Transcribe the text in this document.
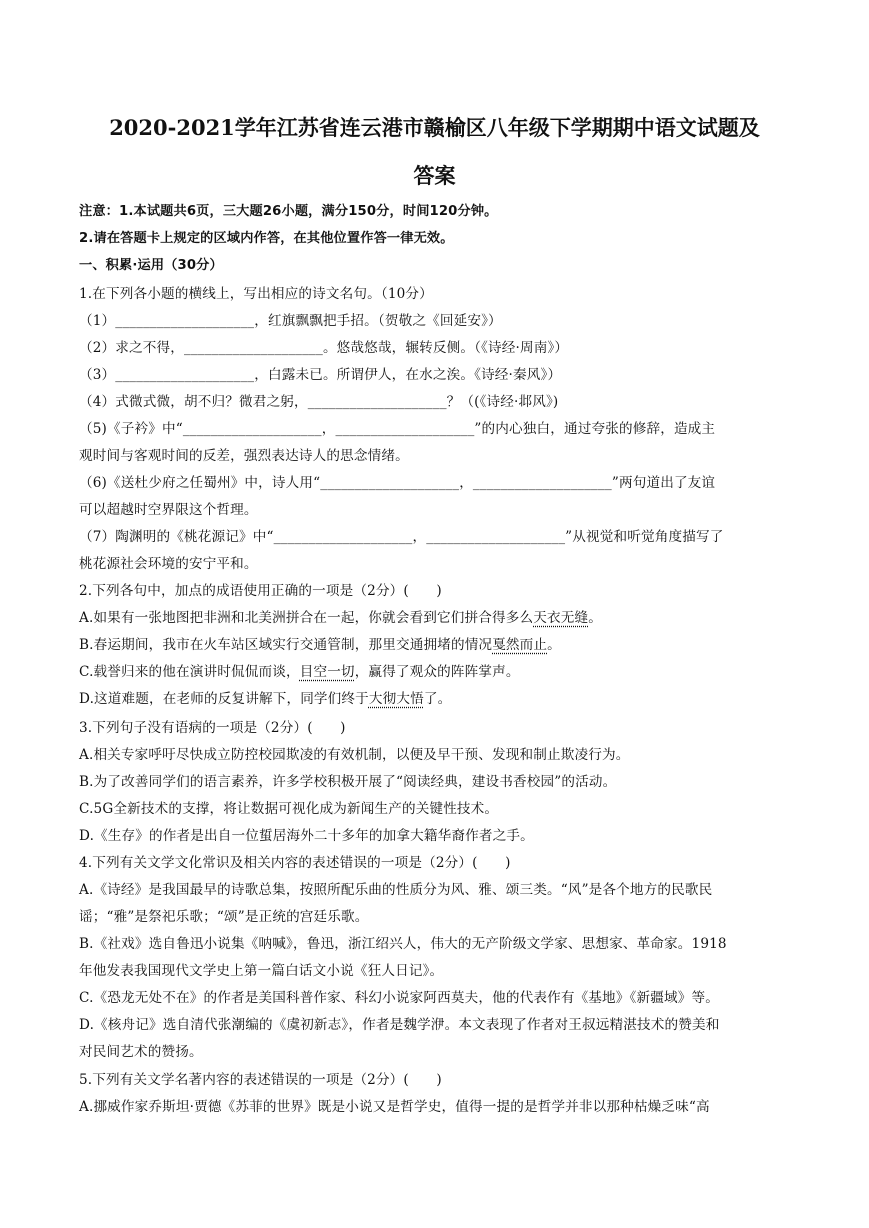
2020-2021学年江苏省连云港市赣榆区八年级下学期期中语文试题及
答案
注意：1.本试题共6页，三大题26小题，满分150分，时间120分钟。
2.请在答题卡上规定的区域内作答，在其他位置作答一律无效。
一、积累·运用（30分）
1.在下列各小题的横线上，写出相应的诗文名句。（10分）
（1）____________________，红旗飘飘把手招。（贺敬之《回延安》）
（2）求之不得，____________________。悠哉悠哉，辗转反侧。（《诗经·周南》）
（3）____________________，白露未已。所谓伊人，在水之涘。《诗经·秦风》）
（4）式微式微，胡不归？微君之躬，____________________？（(《诗经·邶风》)
（5)《子衿》中“____________________，____________________”的内心独白，通过夸张的修辞，造成主
观时间与客观时间的反差，强烈表达诗人的思念情绪。
（6)《送杜少府之任蜀州》中，诗人用“____________________，____________________”两句道出了友谊
可以超越时空界限这个哲理。
（7）陶渊明的《桃花源记》中“____________________，____________________”从视觉和听觉角度描写了
桃花源社会环境的安宁平和。
2.下列各句中，加点的成语使用正确的一项是（2分）(　　)
A.如果有一张地图把非洲和北美洲拼合在一起，你就会看到它们拼合得多么天衣无缝。
B.春运期间，我市在火车站区域实行交通管制，那里交通拥堵的情况戛然而止。
C.载誉归来的他在演讲时侃侃而谈，目空一切，赢得了观众的阵阵掌声。
D.这道难题，在老师的反复讲解下，同学们终于大彻大悟了。
3.下列句子没有语病的一项是（2分）(　　)
A.相关专家呼吁尽快成立防控校园欺凌的有效机制，以便及早干预、发现和制止欺凌行为。
B.为了改善同学们的语言素养，许多学校积极开展了“阅读经典，建设书香校园”的活动。
C.5G全新技术的支撑，将让数据可视化成为新闻生产的关键性技术。
D.《生存》的作者是出自一位蜇居海外二十多年的加拿大籍华裔作者之手。
4.下列有关文学文化常识及相关内容的表述错误的一项是（2分）(　　)
A.《诗经》是我国最早的诗歌总集，按照所配乐曲的性质分为风、雅、颂三类。“风”是各个地方的民歌民
谣；“雅”是祭祀乐歌；“颂”是正统的宫廷乐歌。
B.《社戏》选自鲁迅小说集《呐喊》，鲁迅，浙江绍兴人，伟大的无产阶级文学家、思想家、革命家。1918
年他发表我国现代文学史上第一篇白话文小说《狂人日记》。
C.《恐龙无处不在》的作者是美国科普作家、科幻小说家阿西莫夫，他的代表作有《基地》《新疆域》等。
D.《核舟记》选自清代张潮编的《虞初新志》，作者是魏学洢。本文表现了作者对王叔远精湛技术的赞美和
对民间艺术的赞扬。
5.下列有关文学名著内容的表述错误的一项是（2分）(　　)
A.挪威作家乔斯坦·贾德《苏菲的世界》既是小说又是哲学史，值得一提的是哲学并非以那种枯燥乏味“高
